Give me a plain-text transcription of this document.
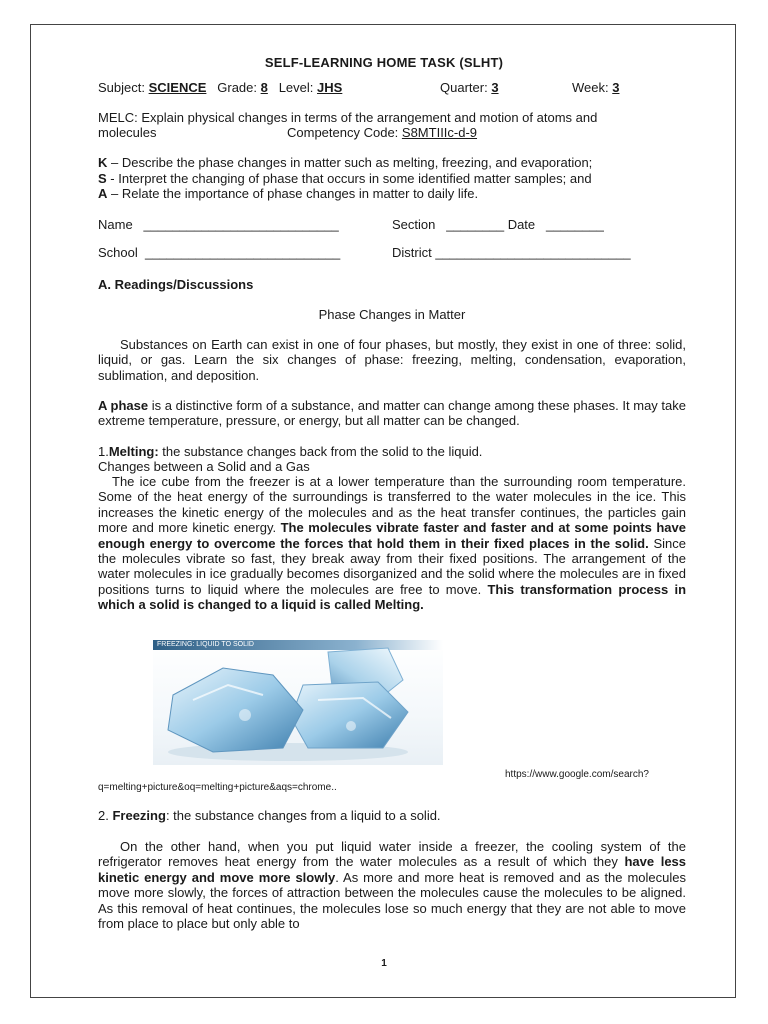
SELF-LEARNING HOME TASK (SLHT)
Subject: SCIENCE Grade: 8 Level: JHS	Quarter: 3	Week: 3
MELC: Explain physical changes in terms of the arrangement and motion of atoms and
molecules	Competency Code: S8MTIIIc-d-9
K – Describe the phase changes in matter such as melting, freezing, and evaporation;
S - Interpret the changing of phase that occurs in some identified matter samples; and
A – Relate the importance of phase changes in matter to daily life.
Name ___________________________	Section ________ Date ________
School ___________________________	District ___________________________
A. Readings/Discussions
Phase Changes in Matter

Substances on Earth can exist in one of four phases, but mostly, they exist in one of three: solid, liquid, or gas. Learn the six changes of phase: freezing, melting, condensation, evaporation, sublimation, and deposition.

A phase is a distinctive form of a substance, and matter can change among these phases. It may take extreme temperature, pressure, or energy, but all matter can be changed.

1.Melting: the substance changes back from the solid to the liquid.
Changes between a Solid and a Gas

The ice cube from the freezer is at a lower temperature than the surrounding room temperature. Some of the heat energy of the surroundings is transferred to the water molecules in the ice. This increases the kinetic energy of the molecules and as the heat transfer continues, the particles gain more and more kinetic energy. The molecules vibrate faster and faster and at some points have enough energy to overcome the forces that hold them in their fixed places in the solid. Since the molecules vibrate so fast, they break away from their fixed positions. The arrangement of the water molecules in ice gradually becomes disorganized and the solid where the molecules are in fixed positions turns to liquid where the molecules are free to move. This transformation process in which a solid is changed to a liquid is called Melting.

FREEZING: LIQUID TO SOLID
https://www.google.com/search?
q=melting+picture&oq=melting+picture&aqs=chrome..
2. Freezing: the substance changes from a liquid to a solid.

On the other hand, when you put liquid water inside a freezer, the cooling system of the refrigerator removes heat energy from the water molecules as a result of which they have less kinetic energy and move more slowly. As more and more heat is removed and as the molecules move more slowly, the forces of attraction between the molecules cause the molecules to be aligned. As this removal of heat continues, the molecules lose so much energy that they are not able to move from place to place but only able to

1
